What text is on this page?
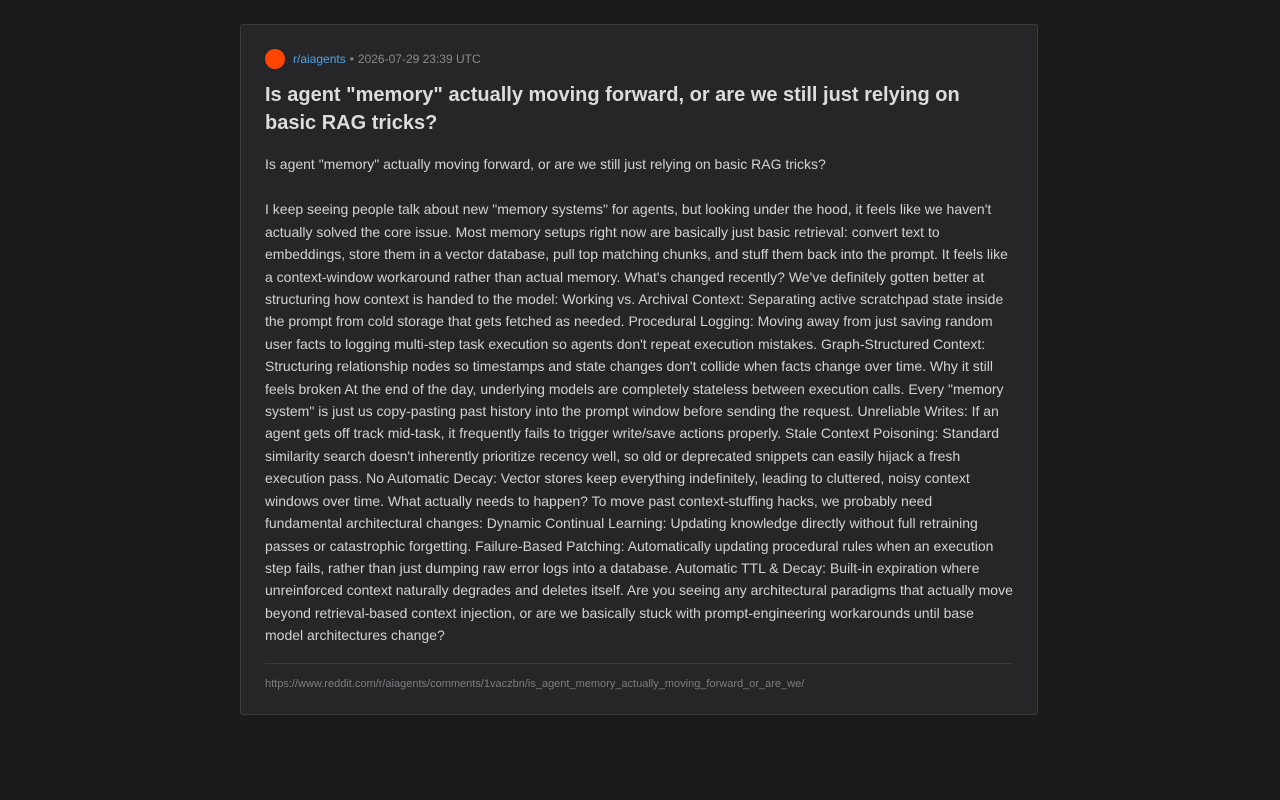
r/aiagents • 2026-07-29 23:39 UTC
Is agent "memory" actually moving forward, or are we still just relying on basic RAG tricks?

Is agent "memory" actually moving forward, or are we still just relying on basic RAG tricks?

I keep seeing people talk about new "memory systems" for agents, but looking under the hood, it feels like we haven't actually solved the core issue. Most memory setups right now are basically just basic retrieval: convert text to embeddings, store them in a vector database, pull top matching chunks, and stuff them back into the prompt. It feels like a context-window workaround rather than actual memory. What's changed recently? We've definitely gotten better at structuring how context is handed to the model: Working vs. Archival Context: Separating active scratchpad state inside the prompt from cold storage that gets fetched as needed. Procedural Logging: Moving away from just saving random user facts to logging multi-step task execution so agents don't repeat execution mistakes. Graph-Structured Context: Structuring relationship nodes so timestamps and state changes don't collide when facts change over time. Why it still feels broken At the end of the day, underlying models are completely stateless between execution calls. Every "memory system" is just us copy-pasting past history into the prompt window before sending the request. Unreliable Writes: If an agent gets off track mid-task, it frequently fails to trigger write/save actions properly. Stale Context Poisoning: Standard similarity search doesn't inherently prioritize recency well, so old or deprecated snippets can easily hijack a fresh execution pass. No Automatic Decay: Vector stores keep everything indefinitely, leading to cluttered, noisy context windows over time. What actually needs to happen? To move past context-stuffing hacks, we probably need fundamental architectural changes: Dynamic Continual Learning: Updating knowledge directly without full retraining passes or catastrophic forgetting. Failure-Based Patching: Automatically updating procedural rules when an execution step fails, rather than just dumping raw error logs into a database. Automatic TTL & Decay: Built-in expiration where unreinforced context naturally degrades and deletes itself. Are you seeing any architectural paradigms that actually move beyond retrieval-based context injection, or are we basically stuck with prompt-engineering workarounds until base model architectures change?

https://www.reddit.com/r/aiagents/comments/1vaczbn/is_agent_memory_actually_moving_forward_or_are_we/
